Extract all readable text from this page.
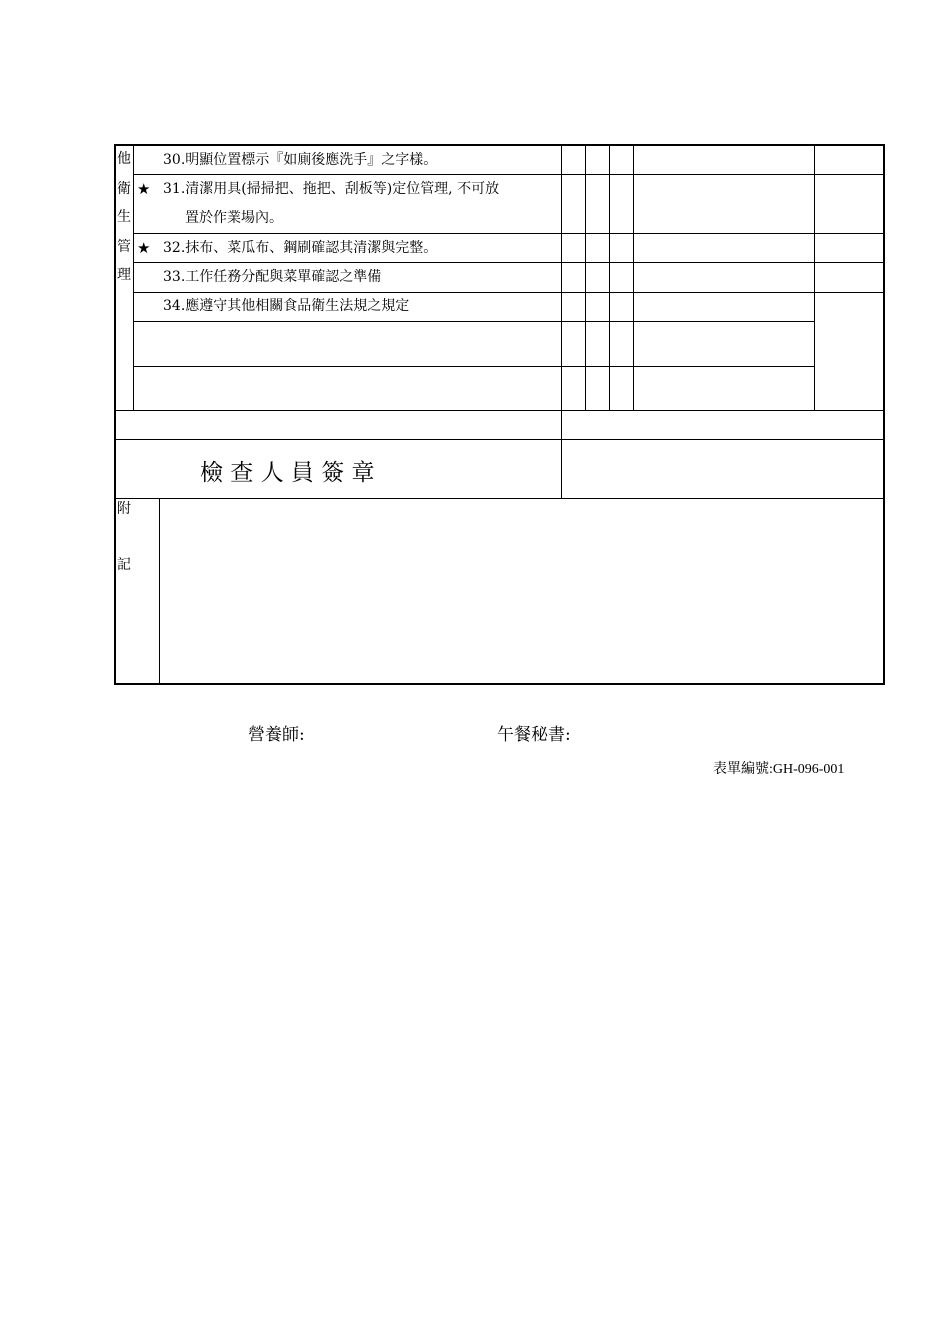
他
衛
生
管
理
30.明顯位置標示『如廁後應洗手』之字樣。
★ 31.清潔用具(掃掃把、拖把、刮板等)定位管理, 不可放
置於作業場內。
★ 32.抹布、菜瓜布、鋼刷確認其清潔與完整。
33.工作任務分配與菜單確認之準備
34.應遵守其他相關食品衛生法規之規定
檢 查 人 員 簽 章
附
記
營養師:	午餐秘書:
表單編號:GH-096-001
